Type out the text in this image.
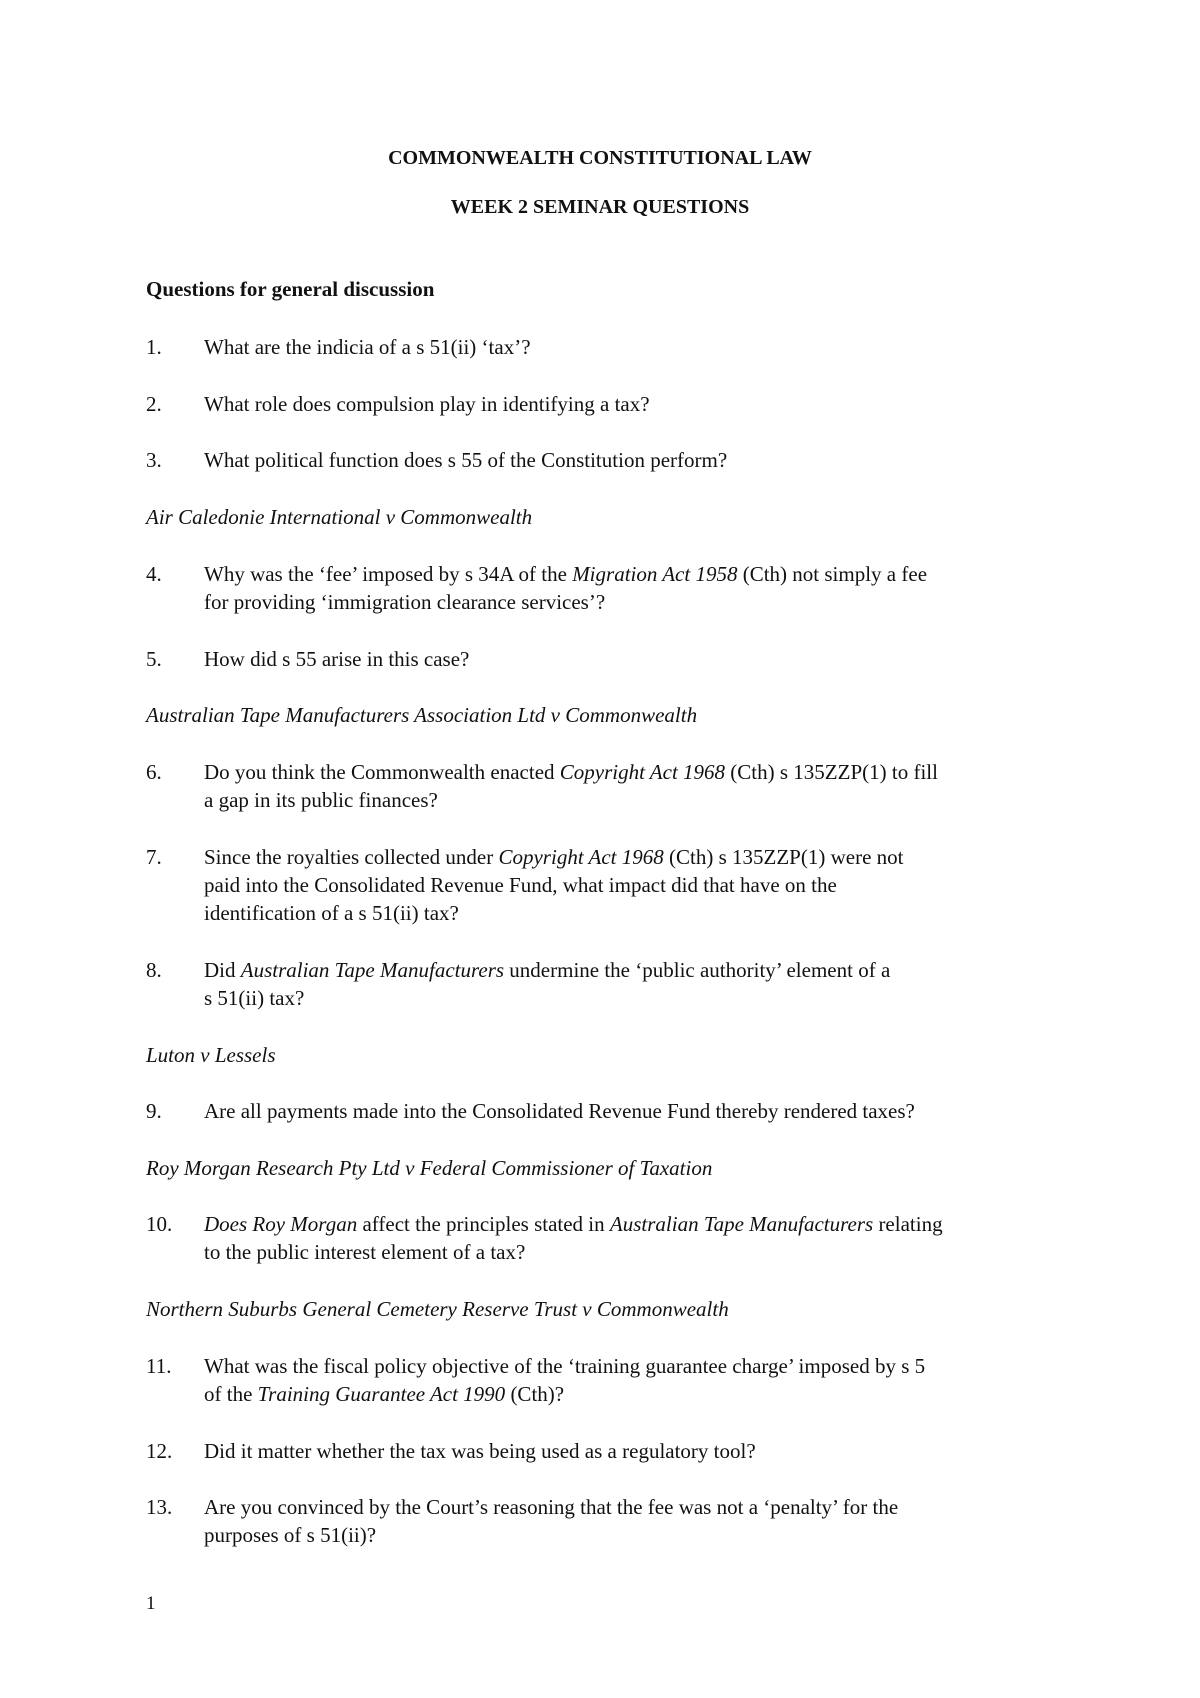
COMMONWEALTH CONSTITUTIONAL LAW
WEEK 2 SEMINAR QUESTIONS
Questions for general discussion
1. What are the indicia of a s 51(ii) ‘tax’?
2. What role does compulsion play in identifying a tax?
3. What political function does s 55 of the Constitution perform?
Air Caledonie International v Commonwealth
4. Why was the ‘fee’ imposed by s 34A of the Migration Act 1958 (Cth) not simply a fee
for providing ‘immigration clearance services’?
5. How did s 55 arise in this case?
Australian Tape Manufacturers Association Ltd v Commonwealth
6. Do you think the Commonwealth enacted Copyright Act 1968 (Cth) s 135ZZP(1) to fill
a gap in its public finances?
7. Since the royalties collected under Copyright Act 1968 (Cth) s 135ZZP(1) were not
paid into the Consolidated Revenue Fund, what impact did that have on the
identification of a s 51(ii) tax?
8. Did Australian Tape Manufacturers undermine the ‘public authority’ element of a
s 51(ii) tax?
Luton v Lessels
9. Are all payments made into the Consolidated Revenue Fund thereby rendered taxes?
Roy Morgan Research Pty Ltd v Federal Commissioner of Taxation
10. Does Roy Morgan affect the principles stated in Australian Tape Manufacturers relating
to the public interest element of a tax?
Northern Suburbs General Cemetery Reserve Trust v Commonwealth
11. What was the fiscal policy objective of the ‘training guarantee charge’ imposed by s 5
of the Training Guarantee Act 1990 (Cth)?
12. Did it matter whether the tax was being used as a regulatory tool?
13. Are you convinced by the Court’s reasoning that the fee was not a ‘penalty’ for the
purposes of s 51(ii)?
1
